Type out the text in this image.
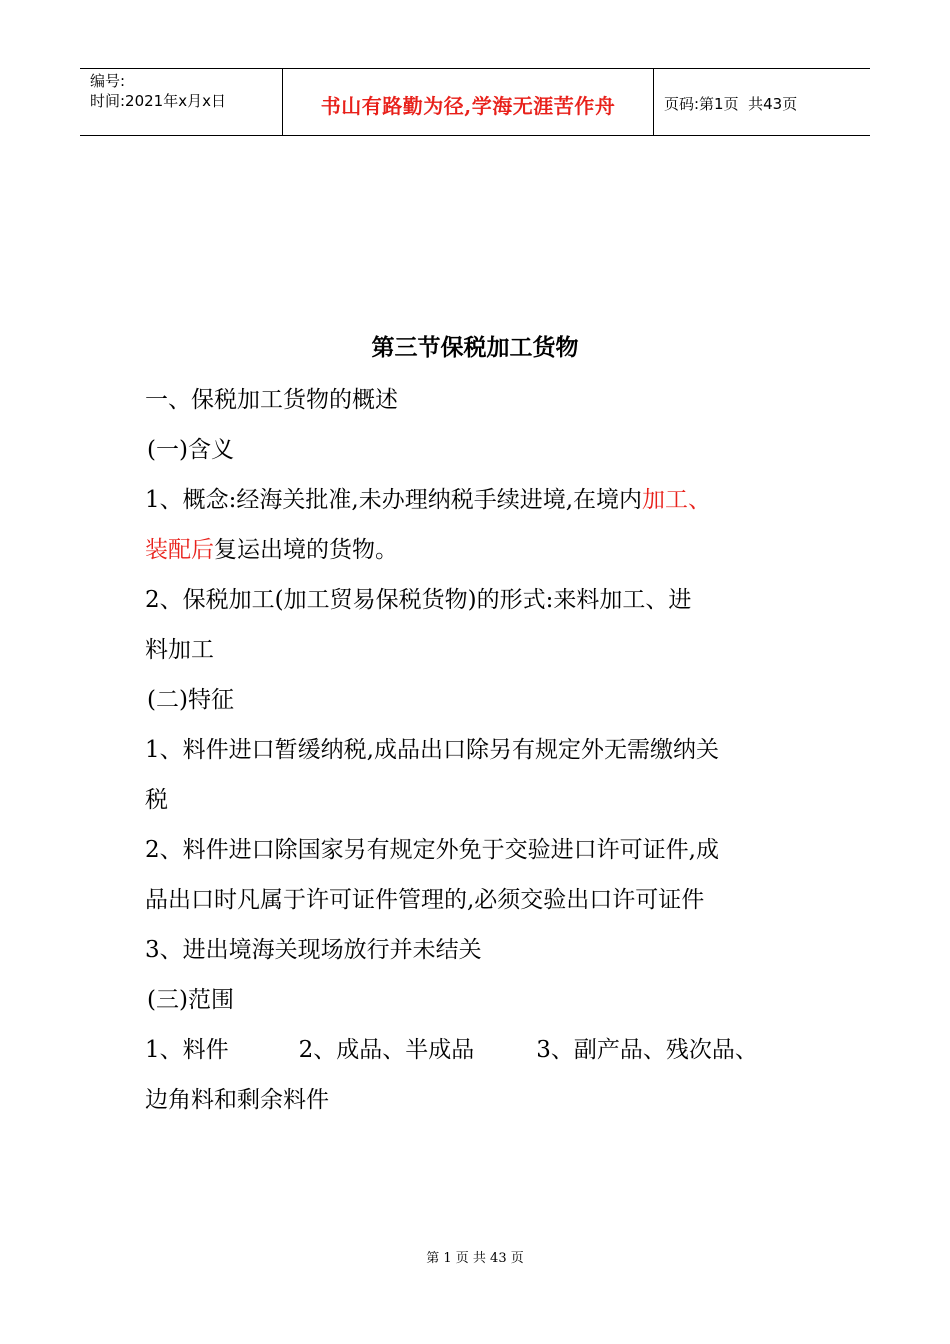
编号:
时间:2021年x月x日	书山有路勤为径,学海无涯苦作舟	页码:第1页  共43页
第三节保税加工货物

一、保税加工货物的概述

(一)含义

1、概念:经海关批准,未办理纳税手续进境,在境内加工、

装配后复运出境的货物。

2、保税加工(加工贸易保税货物)的形式:来料加工、进

料加工

(二)特征

1、料件进口暂缓纳税,成品出口除另有规定外无需缴纳关

税

2、料件进口除国家另有规定外免于交验进口许可证件,成

品出口时凡属于许可证件管理的,必须交验出口许可证件

3、进出境海关现场放行并未结关

(三)范围

1、料件	2、成品、半成品	3、副产品、残次品、

边角料和剩余料件

第 1 页 共 43 页
